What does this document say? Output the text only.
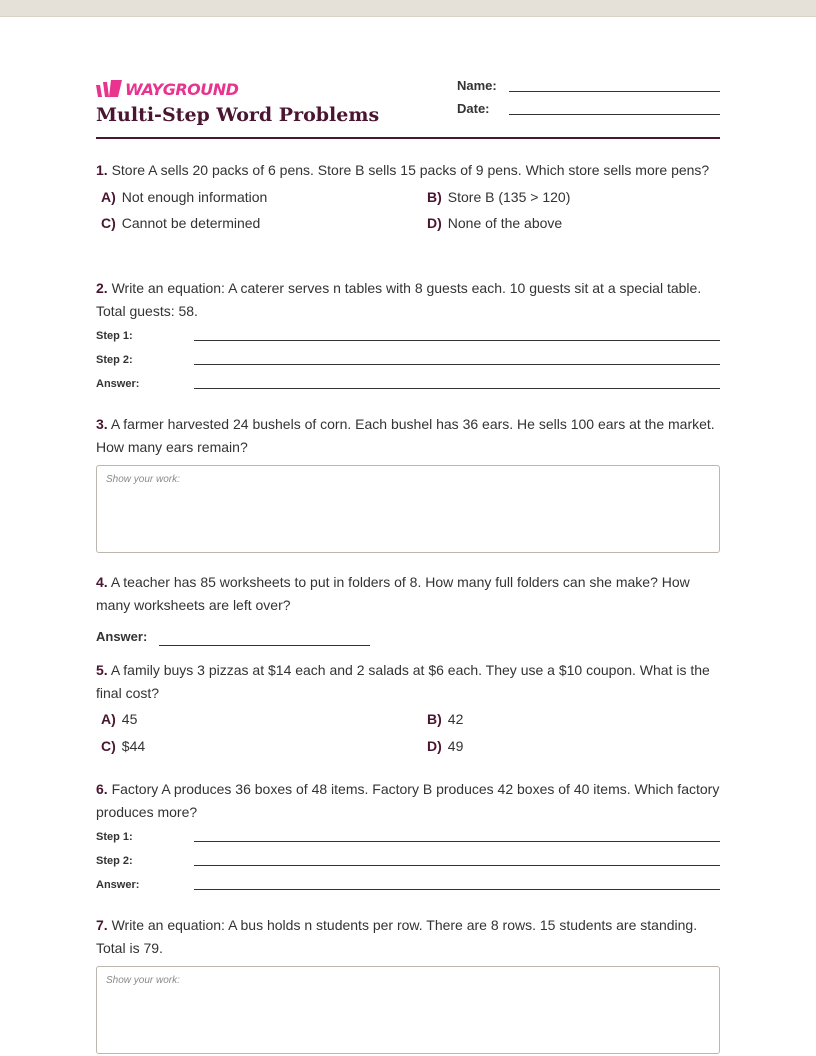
WAYGROUND
Multi-Step Word Problems
Name:
Date:

1. Store A sells 20 packs of 6 pens. Store B sells 15 packs of 9 pens. Which store sells more pens?

A) Not enough information	B) Store B (135 > 120)
C) Cannot be determined	D) None of the above

2. Write an equation: A caterer serves n tables with 8 guests each. 10 guests sit at a special table. Total guests: 58.

Step 1:
Step 2:
Answer:

3. A farmer harvested 24 bushels of corn. Each bushel has 36 ears. He sells 100 ears at the market. How many ears remain?

Show your work:

4. A teacher has 85 worksheets to put in folders of 8. How many full folders can she make? How many worksheets are left over?

Answer:

5. A family buys 3 pizzas at $14 each and 2 salads at $6 each. They use a $10 coupon. What is the final cost?

A) 45	B) 42
C) $44	D) 49

6. Factory A produces 36 boxes of 48 items. Factory B produces 42 boxes of 40 items. Which factory produces more?

Step 1:
Step 2:
Answer:

7. Write an equation: A bus holds n students per row. There are 8 rows. 15 students are standing. Total is 79.

Show your work:
